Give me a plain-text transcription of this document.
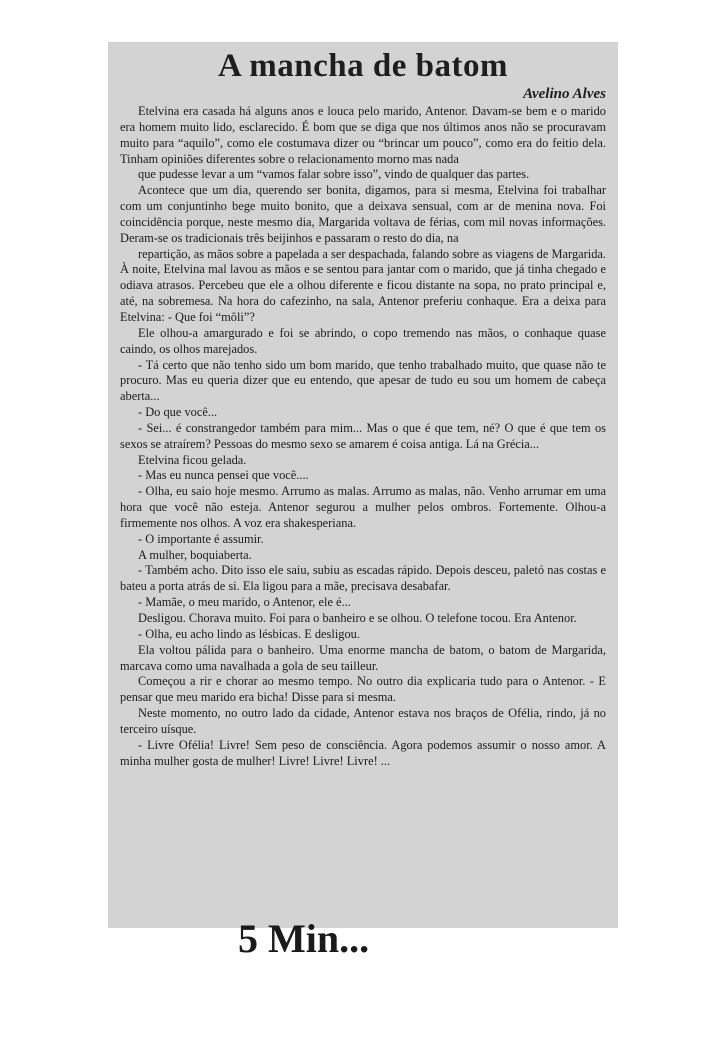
A mancha de batom
Avelino Alves

Etelvina era casada há alguns anos e louca pelo marido, Antenor. Davam-se bem e o marido era homem muito lido, esclarecido. É bom que se diga que nos últimos anos não se procuravam muito para “aquilo”, como ele costumava dizer ou “brincar um pouco”, como era do feitio dela. Tinham opiniões diferentes sobre o relacionamento morno mas nada

que pudesse levar a um “vamos falar sobre isso”, vindo de qualquer das partes.

Acontece que um dia, querendo ser bonita, digamos, para si mesma, Etelvina foi trabalhar com um conjuntinho bege muito bonito, que a deixava sensual, com ar de menina nova. Foi coincidência porque, neste mesmo dia, Margarida voltava de férias, com mil novas informações. Deram-se os tradicionais três beijinhos e passaram o resto do dia, na

repartição, as mãos sobre a papelada a ser despachada, falando sobre as viagens de Margarida. À noite, Etelvina mal lavou as mãos e se sentou para jantar com o marido, que já tinha chegado e odiava atrasos. Percebeu que ele a olhou diferente e ficou distante na sopa, no prato principal e, até, na sobremesa. Na hora do cafezinho, na sala, Antenor preferiu conhaque. Era a deixa para Etelvina: - Que foi “môli”?

Ele olhou-a amargurado e foi se abrindo, o copo tremendo nas mãos, o conhaque quase caindo, os olhos marejados.

- Tá certo que não tenho sido um bom marido, que tenho trabalhado muito, que quase não te procuro. Mas eu queria dizer que eu entendo, que apesar de tudo eu sou um homem de cabeça aberta...

- Do que você...

- Sei... é constrangedor também para mim... Mas o que é que tem, né? O que é que tem os sexos se atraírem? Pessoas do mesmo sexo se amarem é coisa antiga. Lá na Grécia...

Etelvina ficou gelada.

- Mas eu nunca pensei que você....

- Olha, eu saio hoje mesmo. Arrumo as malas. Arrumo as malas, não. Venho arrumar em uma hora que você não esteja. Antenor segurou a mulher pelos ombros. Fortemente. Olhou-a firmemente nos olhos. A voz era shakesperiana.

- O importante é assumir.

A mulher, boquiaberta.

- Também acho. Dito isso ele saiu, subiu as escadas rápido. Depois desceu, paletó nas costas e bateu a porta atrás de si. Ela ligou para a mãe, precisava desabafar.

- Mamãe, o meu marido, o Antenor, ele é...

Desligou. Chorava muito. Foi para o banheiro e se olhou. O telefone tocou. Era Antenor.

- Olha, eu acho lindo as lésbicas. E desligou.

Ela voltou pálida para o banheiro. Uma enorme mancha de batom, o batom de Margarida, marcava como uma navalhada a gola de seu tailleur.

Começou a rir e chorar ao mesmo tempo. No outro dia explicaria tudo para o Antenor. - E pensar que meu marido era bicha! Disse para si mesma.

Neste momento, no outro lado da cidade, Antenor estava nos braços de Ofélia, rindo, já no terceiro uísque.

- Livre Ofélia! Livre! Sem peso de consciência. Agora podemos assumir o nosso amor. A minha mulher gosta de mulher! Livre! Livre! Livre! ...

5 Min...
